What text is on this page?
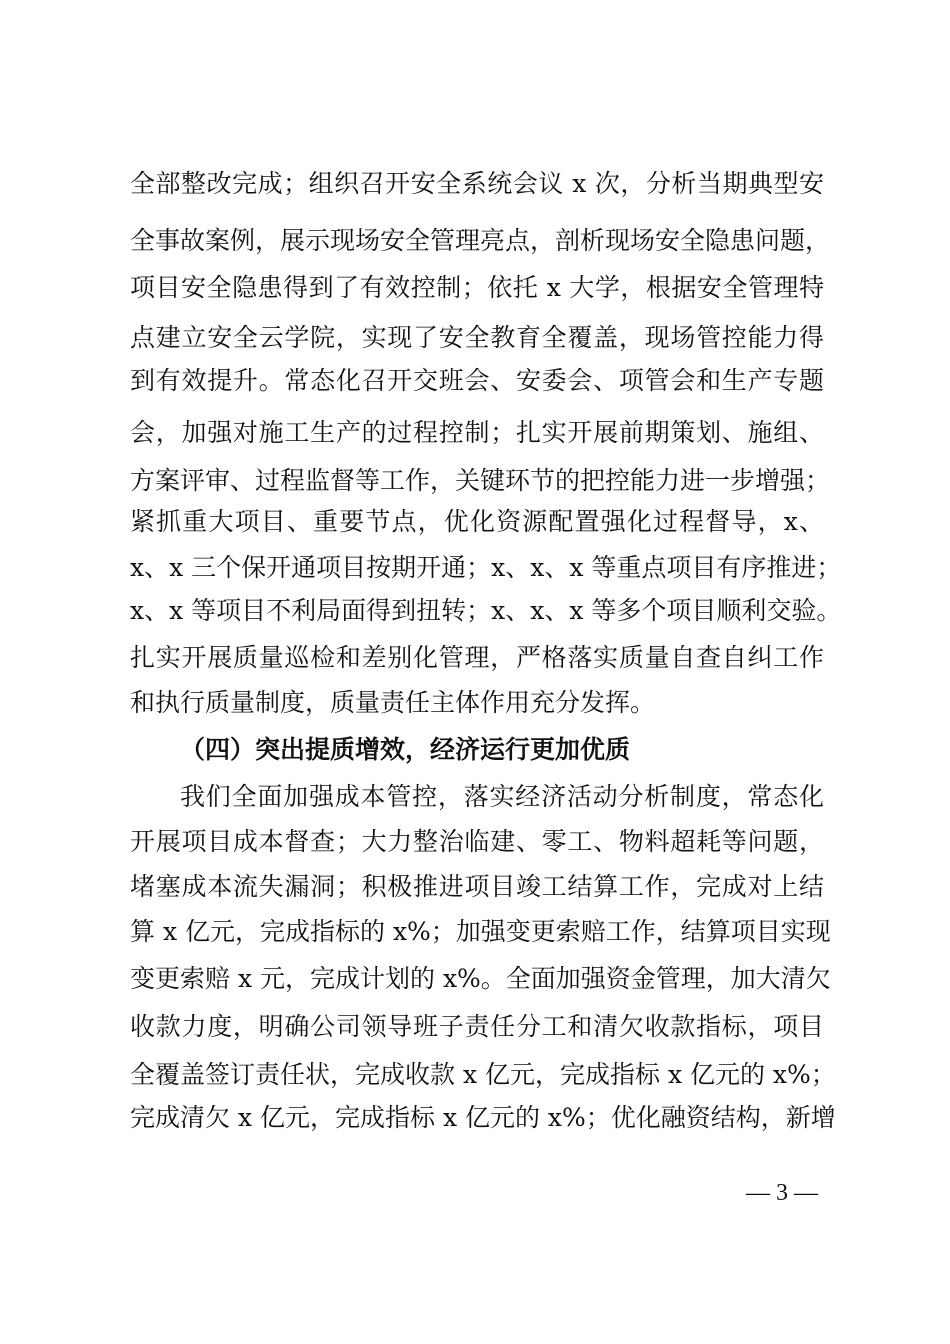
全部整改完成；组织召开安全系统会议 x 次，分析当期典型安
全事故案例，展示现场安全管理亮点，剖析现场安全隐患问题，
项目安全隐患得到了有效控制；依托 x 大学，根据安全管理特
点建立安全云学院，实现了安全教育全覆盖，现场管控能力得
到有效提升。常态化召开交班会、安委会、项管会和生产专题
会，加强对施工生产的过程控制；扎实开展前期策划、施组、
方案评审、过程监督等工作，关键环节的把控能力进一步增强；
紧抓重大项目、重要节点，优化资源配置强化过程督导，x、
x、x 三个保开通项目按期开通；x、x、x 等重点项目有序推进；
x、x 等项目不利局面得到扭转；x、x、x 等多个项目顺利交验。
扎实开展质量巡检和差别化管理，严格落实质量自查自纠工作
和执行质量制度，质量责任主体作用充分发挥。
（四）突出提质增效，经济运行更加优质
我们全面加强成本管控，落实经济活动分析制度，常态化
开展项目成本督查；大力整治临建、零工、物料超耗等问题，
堵塞成本流失漏洞；积极推进项目竣工结算工作，完成对上结
算 x 亿元，完成指标的 x%；加强变更索赔工作，结算项目实现
变更索赔 x 元，完成计划的 x%。全面加强资金管理，加大清欠
收款力度，明确公司领导班子责任分工和清欠收款指标，项目
全覆盖签订责任状，完成收款 x 亿元，完成指标 x 亿元的 x%；
完成清欠 x 亿元，完成指标 x 亿元的 x%；优化融资结构，新增
— 3 —
